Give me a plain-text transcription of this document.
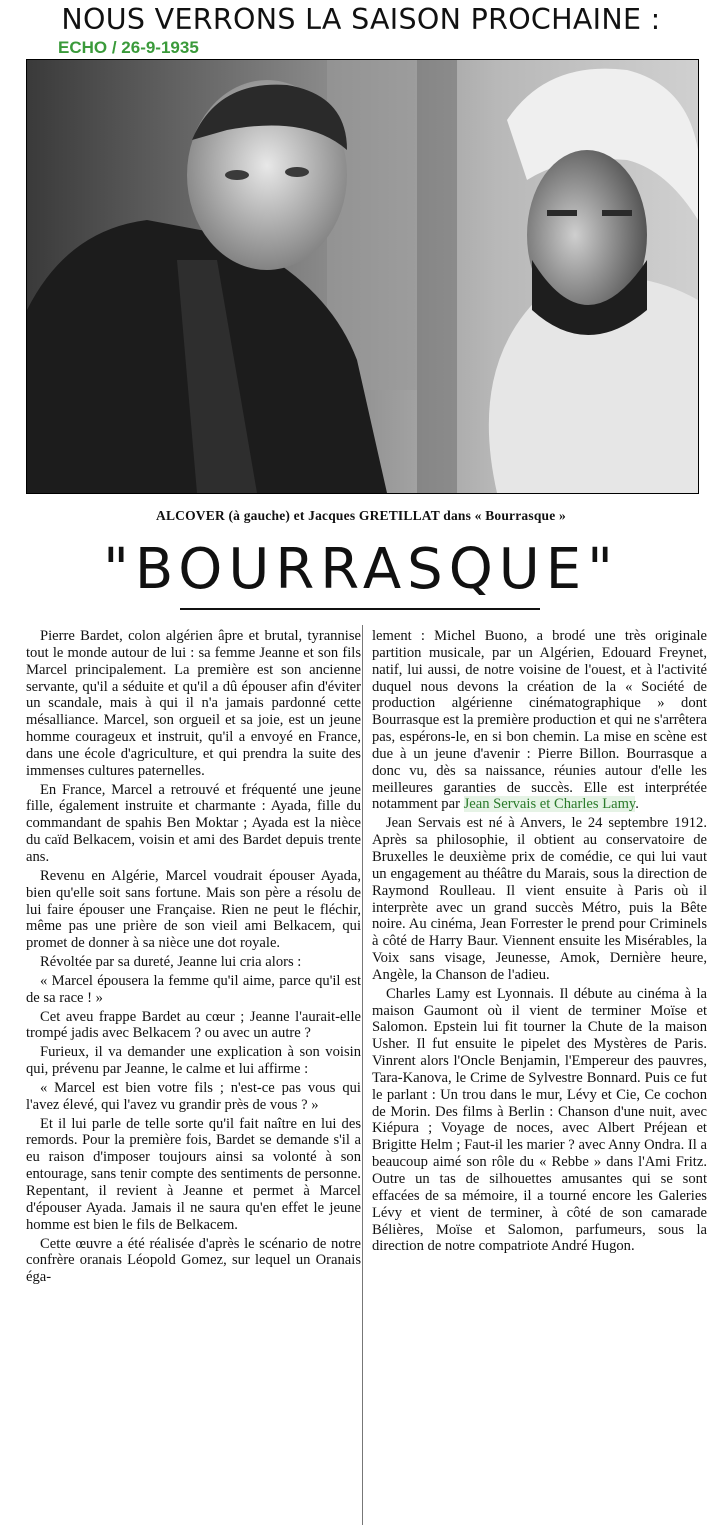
NOUS VERRONS LA SAISON PROCHAINE :
ECHO / 26-9-1935
ALCOVER (à gauche) et Jacques GRETILLAT dans « Bourrasque »
"BOURRASQUE"

Pierre Bardet, colon algérien âpre et brutal, tyrannise tout le monde autour de lui : sa femme Jeanne et son fils Marcel principalement. La première est son ancienne servante, qu'il a séduite et qu'il a dû épouser afin d'éviter un scandale, mais à qui il n'a jamais pardonné cette mésalliance. Marcel, son orgueil et sa joie, est un jeune homme courageux et instruit, qu'il a envoyé en France, dans une école d'agriculture, et qui prendra la suite des immenses cultures paternelles.

En France, Marcel a retrouvé et fréquenté une jeune fille, également instruite et charmante : Ayada, fille du commandant de spahis Ben Moktar ; Ayada est la nièce du caïd Belkacem, voisin et ami des Bardet depuis trente ans.

Revenu en Algérie, Marcel voudrait épouser Ayada, bien qu'elle soit sans fortune. Mais son père a résolu de lui faire épouser une Française. Rien ne peut le fléchir, même pas une prière de son vieil ami Belkacem, qui promet de donner à sa nièce une dot royale.

Révoltée par sa dureté, Jeanne lui cria alors :

« Marcel épousera la femme qu'il aime, parce qu'il est de sa race ! »

Cet aveu frappe Bardet au cœur ; Jeanne l'aurait-elle trompé jadis avec Belkacem ? ou avec un autre ?

Furieux, il va demander une explication à son voisin qui, prévenu par Jeanne, le calme et lui affirme :

« Marcel est bien votre fils ; n'est-ce pas vous qui l'avez élevé, qui l'avez vu grandir près de vous ? »

Et il lui parle de telle sorte qu'il fait naître en lui des remords. Pour la première fois, Bardet se demande s'il a eu raison d'imposer toujours ainsi sa volonté à son entourage, sans tenir compte des sentiments de personne. Repentant, il revient à Jeanne et permet à Marcel d'épouser Ayada. Jamais il ne saura qu'en effet le jeune homme est bien le fils de Belkacem.

Cette œuvre a été réalisée d'après le scénario de notre confrère oranais Léopold Gomez, sur lequel un Oranais éga-

lement : Michel Buono, a brodé une très originale partition musicale, par un Algérien, Edouard Freynet, natif, lui aussi, de notre voisine de l'ouest, et à l'activité duquel nous devons la création de la « Société de production algérienne cinématographique » dont Bourrasque est la première production et qui ne s'arrêtera pas, espérons-le, en si bon chemin. La mise en scène est due à un jeune d'avenir : Pierre Billon. Bourrasque a donc vu, dès sa naissance, réunies autour d'elle les meilleures garanties de succès. Elle est interprétée notamment par Jean Servais et Charles Lamy.

Jean Servais est né à Anvers, le 24 septembre 1912. Après sa philosophie, il obtient au conservatoire de Bruxelles le deuxième prix de comédie, ce qui lui vaut un engagement au théâtre du Marais, sous la direction de Raymond Roulleau. Il vient ensuite à Paris où il interprète avec un grand succès Métro, puis la Bête noire. Au cinéma, Jean Forrester le prend pour Criminels à côté de Harry Baur. Viennent ensuite les Misérables, la Voix sans visage, Jeunesse, Amok, Dernière heure, Angèle, la Chanson de l'adieu.

Charles Lamy est Lyonnais. Il débute au cinéma à la maison Gaumont où il vient de terminer Moïse et Salomon. Epstein lui fit tourner la Chute de la maison Usher. Il fut ensuite le pipelet des Mystères de Paris. Vinrent alors l'Oncle Benjamin, l'Empereur des pauvres, Tara-Kanova, le Crime de Sylvestre Bonnard. Puis ce fut le parlant : Un trou dans le mur, Lévy et Cie, Ce cochon de Morin. Des films à Berlin : Chanson d'une nuit, avec Kiépura ; Voyage de noces, avec Albert Préjean et Brigitte Helm ; Faut-il les marier ? avec Anny Ondra. Il a beaucoup aimé son rôle du « Rebbe » dans l'Ami Fritz. Outre un tas de silhouettes amusantes qui se sont effacées de sa mémoire, il a tourné encore les Galeries Lévy et vient de terminer, à côté de son camarade Bélières, Moïse et Salomon, parfumeurs, sous la direction de notre compatriote André Hugon.
